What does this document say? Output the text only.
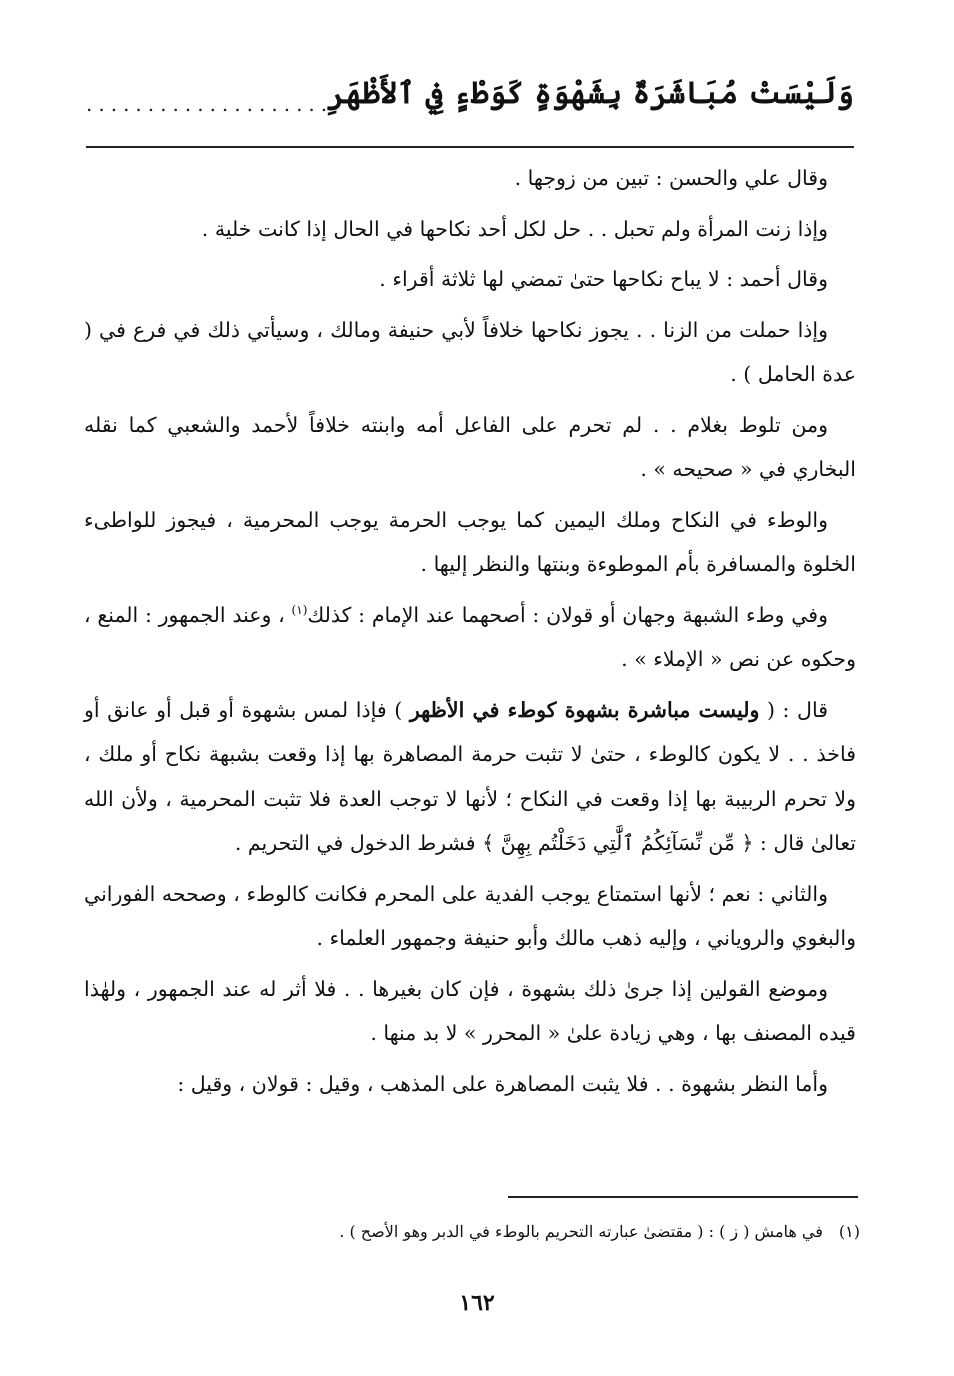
وَلَيْسَتْ مُبَاشَرَةٌ بِشَهْوَةٍ كَوَطْءٍ فِي ٱلأَظْهَرِ
....................

وقال علي والحسن : تبين من زوجها .

وإذا زنت المرأة ولم تحبل . . حل لكل أحد نكاحها في الحال إذا كانت خلية .

وقال أحمد : لا يباح نكاحها حتىٰ تمضي لها ثلاثة أقراء .

وإذا حملت من الزنا . . يجوز نكاحها خلافاً لأبي حنيفة ومالك ، وسيأتي ذلك في فرع في ( عدة الحامل ) .

ومن تلوط بغلام . . لم تحرم على الفاعل أمه وابنته خلافاً لأحمد والشعبي كما نقله البخاري في « صحيحه » .

والوطء في النكاح وملك اليمين كما يوجب الحرمة يوجب المحرمية ، فيجوز للواطىء الخلوة والمسافرة بأم الموطوءة وبنتها والنظر إليها .

وفي وطء الشبهة وجهان أو قولان : أصحهما عند الإمام : كذلك$^{(١)}$ ، وعند الجمهور : المنع ، وحكوه عن نص « الإملاء » .

قال : ( وليست مباشرة بشهوة كوطء في الأظهر ) فإذا لمس بشهوة أو قبل أو عانق أو فاخذ . . لا يكون كالوطء ، حتىٰ لا تثبت حرمة المصاهرة بها إذا وقعت بشبهة نكاح أو ملك ، ولا تحرم الربيبة بها إذا وقعت في النكاح ؛ لأنها لا توجب العدة فلا تثبت المحرمية ، ولأن الله تعالىٰ قال : ﴿ مِّن نِّسَآئِكُمُ ٱلَّٰتِي دَخَلْتُم بِهِنَّ ﴾ فشرط الدخول في التحريم .

والثاني : نعم ؛ لأنها استمتاع يوجب الفدية على المحرم فكانت كالوطء ، وصححه الفوراني والبغوي والروياني ، وإليه ذهب مالك وأبو حنيفة وجمهور العلماء .

وموضع القولين إذا جرىٰ ذلك بشهوة ، فإن كان بغيرها . . فلا أثر له عند الجمهور ، ولهٰذا قيده المصنف بها ، وهي زيادة علىٰ « المحرر » لا بد منها .

وأما النظر بشهوة . . فلا يثبت المصاهرة على المذهب ، وقيل : قولان ، وقيل :

(١)في هامش ( ز ) : ( مقتضىٰ عبارته التحريم بالوطء في الدبر وهو الأصح ) .
١٦٢
